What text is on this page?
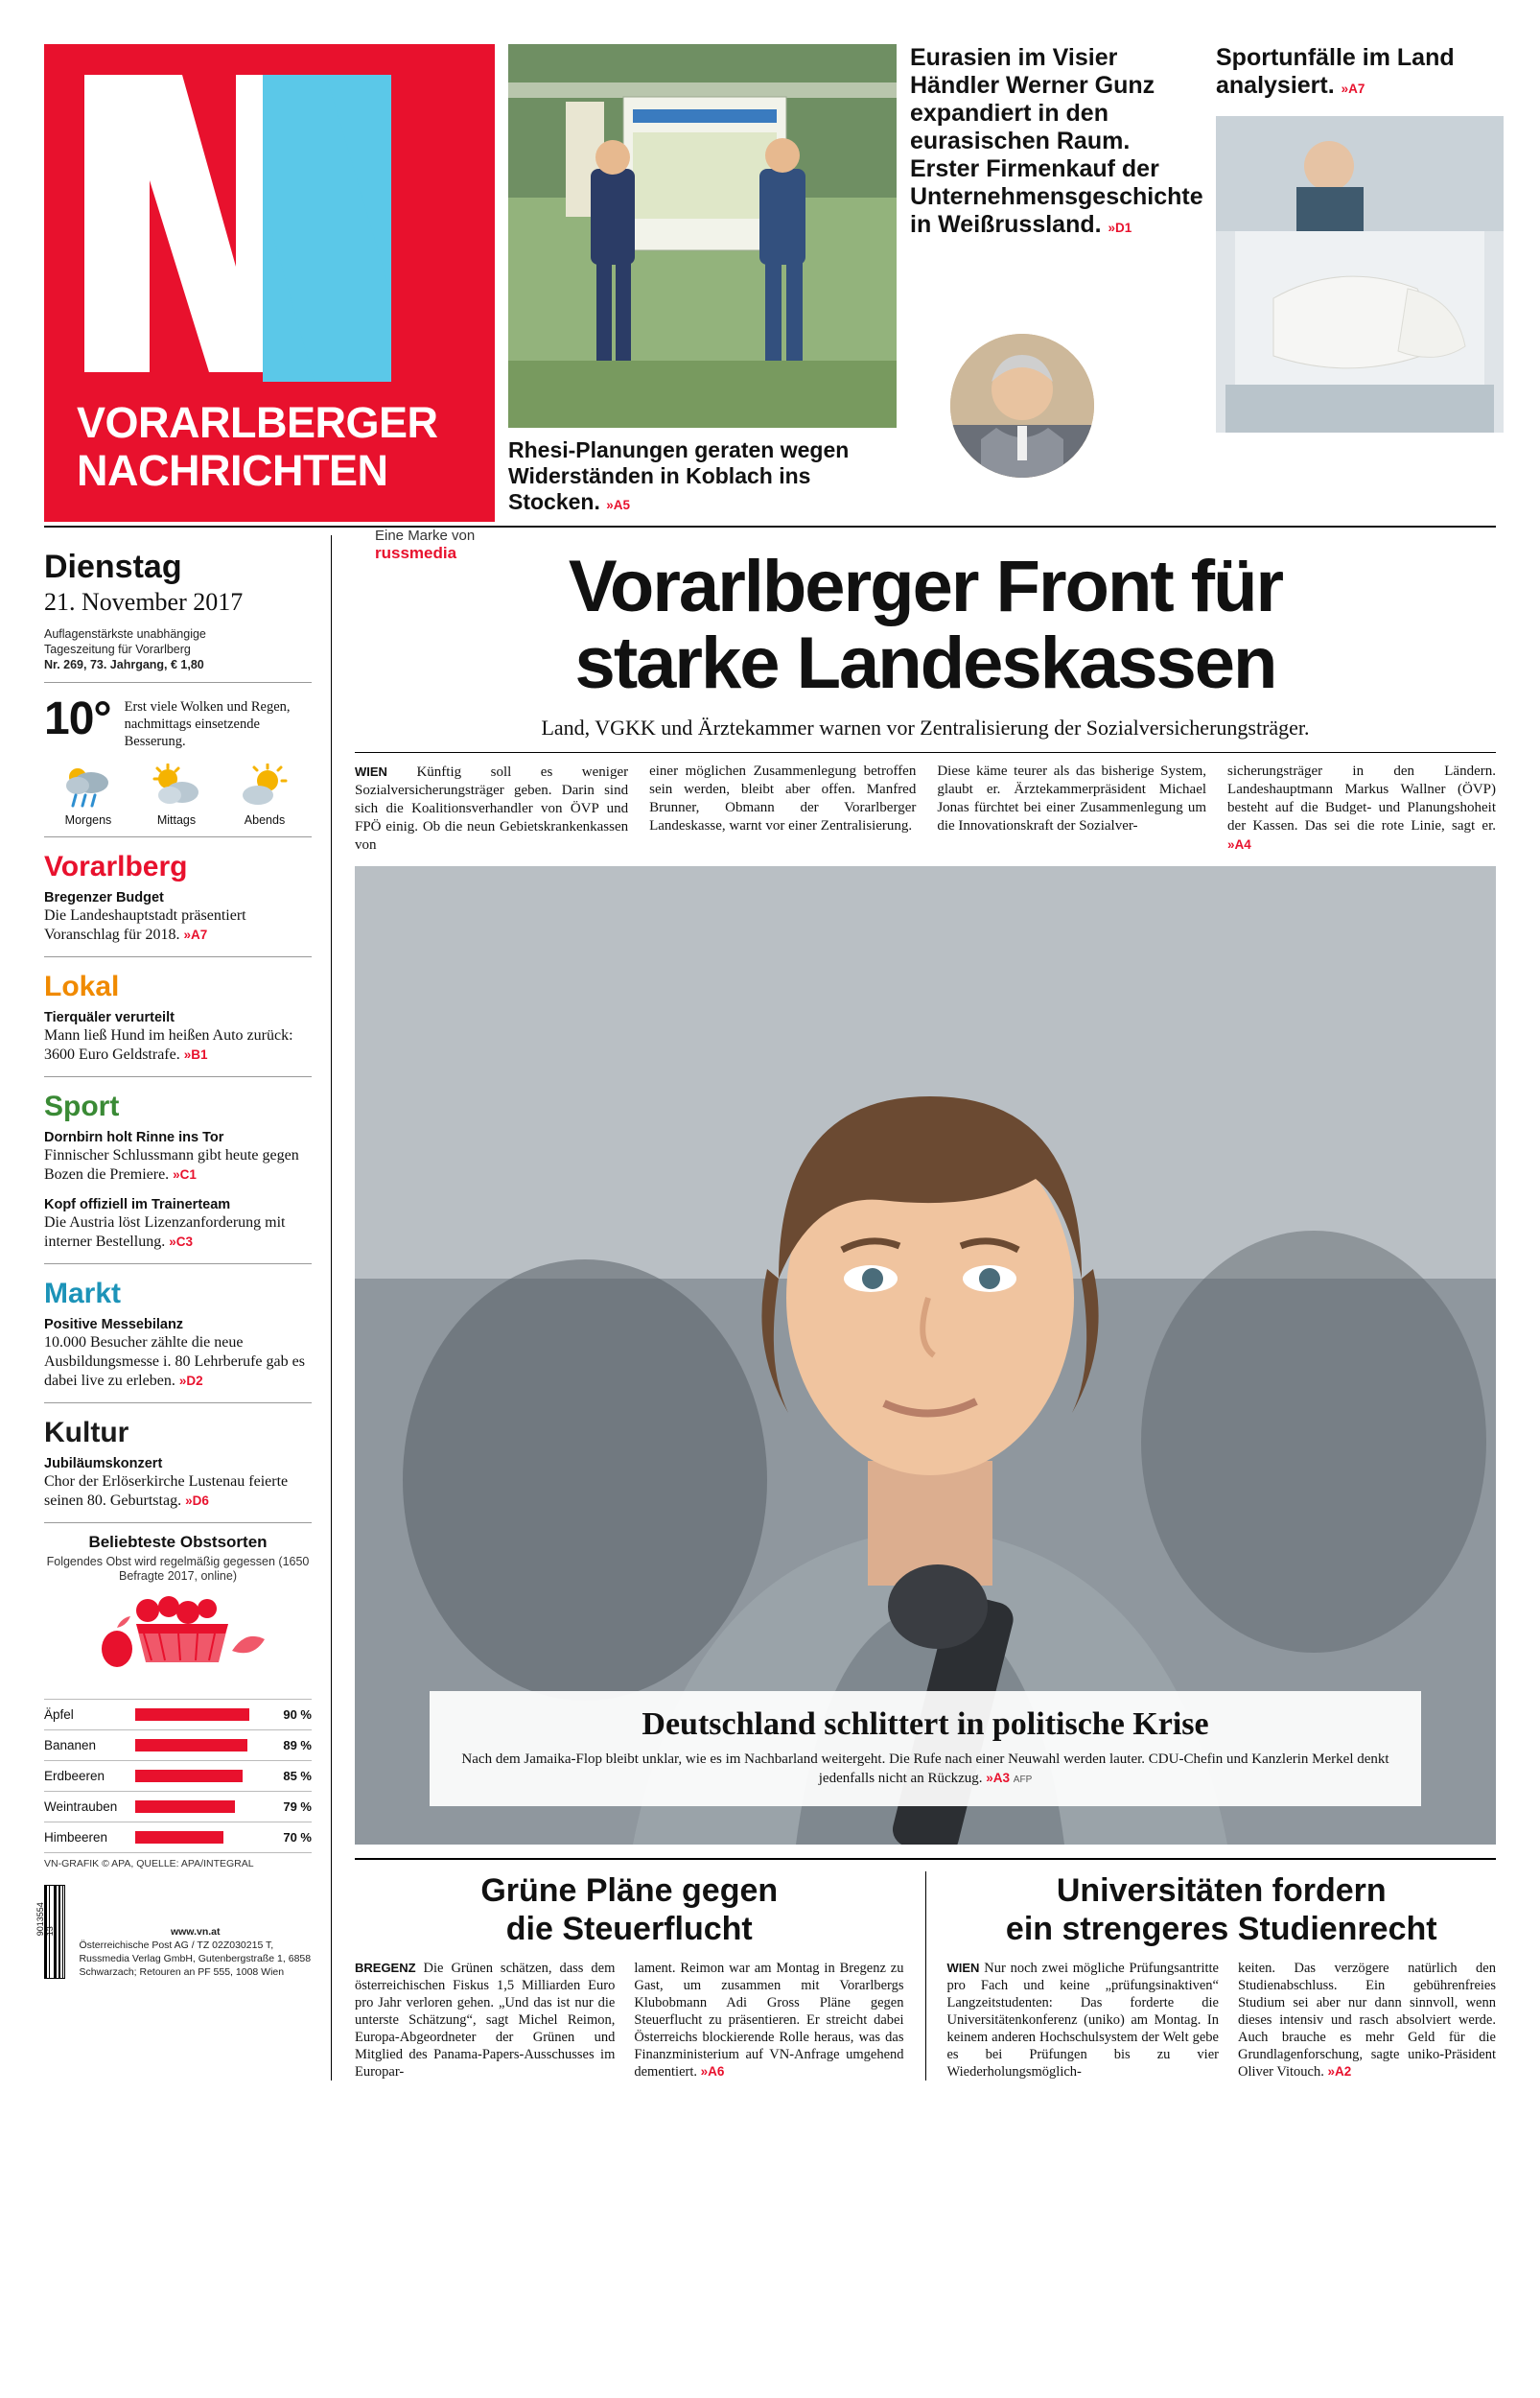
VORARLBERGER
NACHRICHTEN
Eine Marke von russmedia
Rhesi-Planungen geraten wegen Widerständen in Koblach ins Stocken. »A5
Eurasien im Visier Händler Werner Gunz expandiert in den eurasischen Raum. Erster Firmenkauf der Unternehmensgeschichte in Weißrussland. »D1
Sportunfälle im Land analysiert. »A7
Dienstag
21. November 2017
Auflagenstärkste unabhängige
Tageszeitung für Vorarlberg
Nr. 269, 73. Jahrgang, € 1,80
10° Erst viele Wolken und Regen, nachmittags einsetzende Besserung.
Morgens	Mittags	Abends
Vorarlberg
Bregenzer Budget
Die Landeshauptstadt präsentiert Voranschlag für 2018. »A7
Lokal
Tierquäler verurteilt
Mann ließ Hund im heißen Auto zurück: 3600 Euro Geldstrafe. »B1
Sport
Dornbirn holt Rinne ins Tor
Finnischer Schlussmann gibt heute gegen Bozen die Premiere. »C1
Kopf offiziell im Trainerteam
Die Austria löst Lizenzanforderung mit interner Bestellung. »C3
Markt
Positive Messebilanz
10.000 Besucher zählte die neue Ausbildungsmesse i. 80 Lehrberufe gab es dabei live zu erleben. »D2
Kultur
Jubiläumskonzert
Chor der Erlöserkirche Lustenau feierte seinen 80. Geburtstag. »D6
Beliebteste Obstsorten
Folgendes Obst wird regelmäßig gegessen (1650 Befragte 2017, online)
Äpfel	90 %
Bananen	89 %
Erdbeeren	85 %
Weintrauben	79 %
Himbeeren	70 %
VN-GRAFIK © APA, QUELLE: APA/INTEGRAL
9013554 13	www.vn.at
Österreichische Post AG / TZ 02Z030215 T, Russmedia Verlag GmbH, Gutenbergstraße 1, 6858 Schwarzach; Retouren an PF 555, 1008 Wien
Vorarlberger Front für
starke Landeskassen
Land, VGKK und Ärztekammer warnen vor Zentralisierung der Sozialversicherungsträger.

WIEN Künftig soll es weniger Sozialversicherungsträger geben. Darin sind sich die Koalitionsverhandler von ÖVP und FPÖ einig. Ob die neun Gebietskrankenkassen von

einer möglichen Zusammenlegung betroffen sein werden, bleibt aber offen. Manfred Brunner, Obmann der Vorarlberger Landeskasse, warnt vor einer Zentralisierung.

Diese käme teurer als das bisherige System, glaubt er. Ärztekammerpräsident Michael Jonas fürchtet bei einer Zusammenlegung um die Innovationskraft der Sozialver-

sicherungsträger in den Ländern. Landeshauptmann Markus Wallner (ÖVP) besteht auf die Budget- und Planungshoheit der Kassen. Das sei die rote Linie, sagt er. »A4

Deutschland schlittert in politische Krise

Nach dem Jamaika-Flop bleibt unklar, wie es im Nachbarland weitergeht. Die Rufe nach einer Neuwahl werden lauter. CDU-Chefin und Kanzlerin Merkel denkt jedenfalls nicht an Rückzug. »A3 AFP

Grüne Pläne gegen
die Steuerflucht

BREGENZ Die Grünen schätzen, dass dem österreichischen Fiskus 1,5 Milliarden Euro pro Jahr verloren gehen. „Und das ist nur die unterste Schätzung“, sagt Michel Reimon, Europa-Abgeordneter der Grünen und Mitglied des Panama-Papers-Ausschusses im Europar-

lament. Reimon war am Montag in Bregenz zu Gast, um zusammen mit Vorarlbergs Klubobmann Adi Gross Pläne gegen Steuerflucht zu präsentieren. Er streicht dabei Österreichs blockierende Rolle heraus, was das Finanzministerium auf VN-Anfrage umgehend dementiert. »A6

Universitäten fordern
ein strengeres Studienrecht

WIEN Nur noch zwei mögliche Prüfungsantritte pro Fach und keine „prüfungsinaktiven“ Langzeitstudenten: Das forderte die Universitätenkonferenz (uniko) am Montag. In keinem anderen Hochschulsystem der Welt gebe es bei Prüfungen bis zu vier Wiederholungsmöglich-

keiten. Das verzögere natürlich den Studienabschluss. Ein gebührenfreies Studium sei aber nur dann sinnvoll, wenn dieses intensiv und rasch absolviert werde. Auch brauche es mehr Geld für die Grundlagenforschung, sagte uniko-Präsident Oliver Vitouch. »A2
